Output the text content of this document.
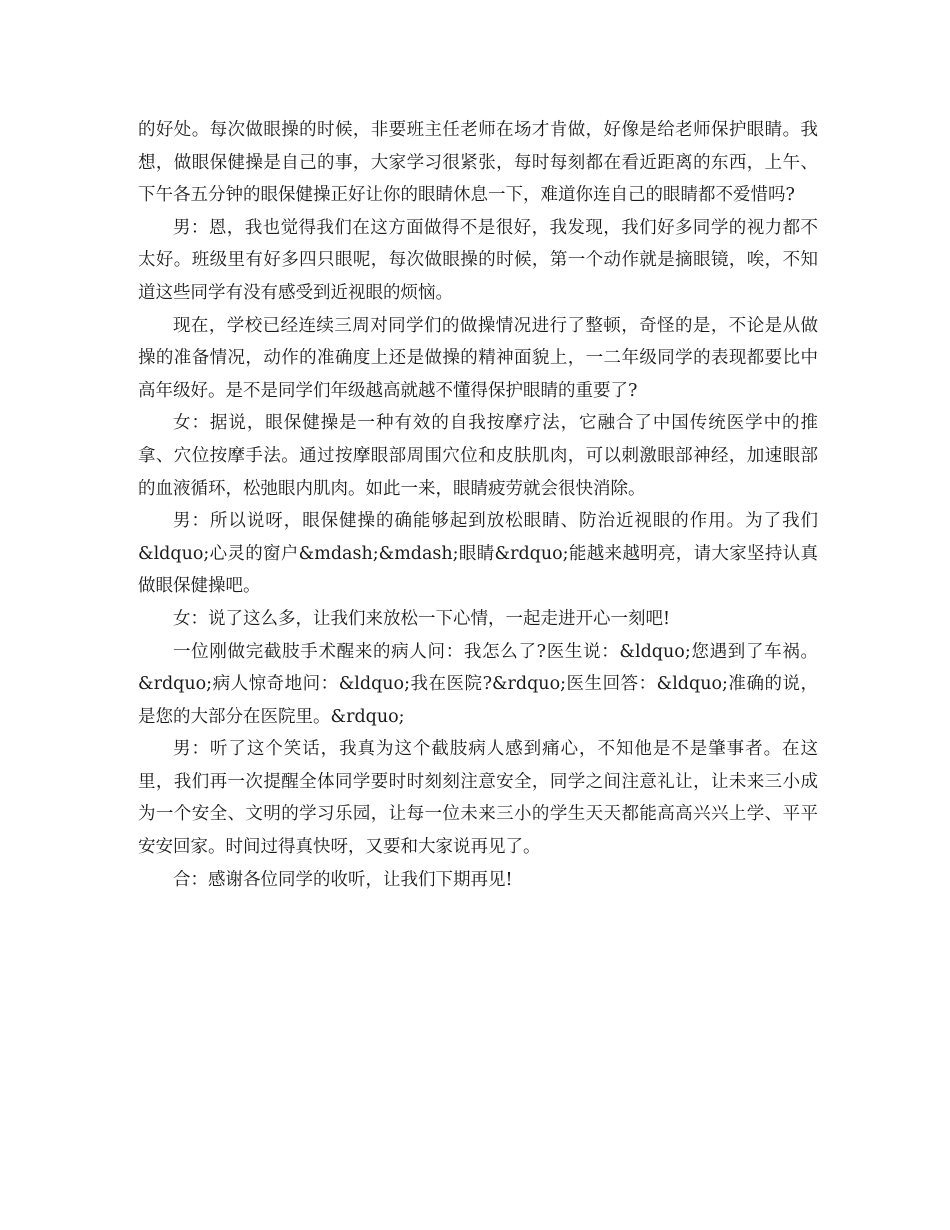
的好处。每次做眼操的时候，非要班主任老师在场才肯做，好像是给老师保护眼睛。我想，做眼保健操是自己的事，大家学习很紧张，每时每刻都在看近距离的东西，上午、下午各五分钟的眼保健操正好让你的眼睛休息一下，难道你连自己的眼睛都不爱惜吗?

男：恩，我也觉得我们在这方面做得不是很好，我发现，我们好多同学的视力都不太好。班级里有好多四只眼呢，每次做眼操的时候，第一个动作就是摘眼镜，唉，不知道这些同学有没有感受到近视眼的烦恼。

现在，学校已经连续三周对同学们的做操情况进行了整顿，奇怪的是，不论是从做操的准备情况，动作的准确度上还是做操的精神面貌上，一二年级同学的表现都要比中高年级好。是不是同学们年级越高就越不懂得保护眼睛的重要了?

女：据说，眼保健操是一种有效的自我按摩疗法，它融合了中国传统医学中的推拿、穴位按摩手法。通过按摩眼部周围穴位和皮肤肌肉，可以刺激眼部神经，加速眼部的血液循环，松弛眼内肌肉。如此一来，眼睛疲劳就会很快消除。

男：所以说呀，眼保健操的确能够起到放松眼睛、防治近视眼的作用。为了我们&ldquo;心灵的窗户&mdash;&mdash;眼睛&rdquo;能越来越明亮，请大家坚持认真做眼保健操吧。

女：说了这么多，让我们来放松一下心情，一起走进开心一刻吧!

一位刚做完截肢手术醒来的病人问：我怎么了?医生说：&ldquo;您遇到了车祸。&rdquo;病人惊奇地问：&ldquo;我在医院?&rdquo;医生回答：&ldquo;准确的说，是您的大部分在医院里。&rdquo;

男：听了这个笑话，我真为这个截肢病人感到痛心，不知他是不是肇事者。在这里，我们再一次提醒全体同学要时时刻刻注意安全，同学之间注意礼让，让未来三小成为一个安全、文明的学习乐园，让每一位未来三小的学生天天都能高高兴兴上学、平平安安回家。时间过得真快呀，又要和大家说再见了。

合：感谢各位同学的收听，让我们下期再见!
